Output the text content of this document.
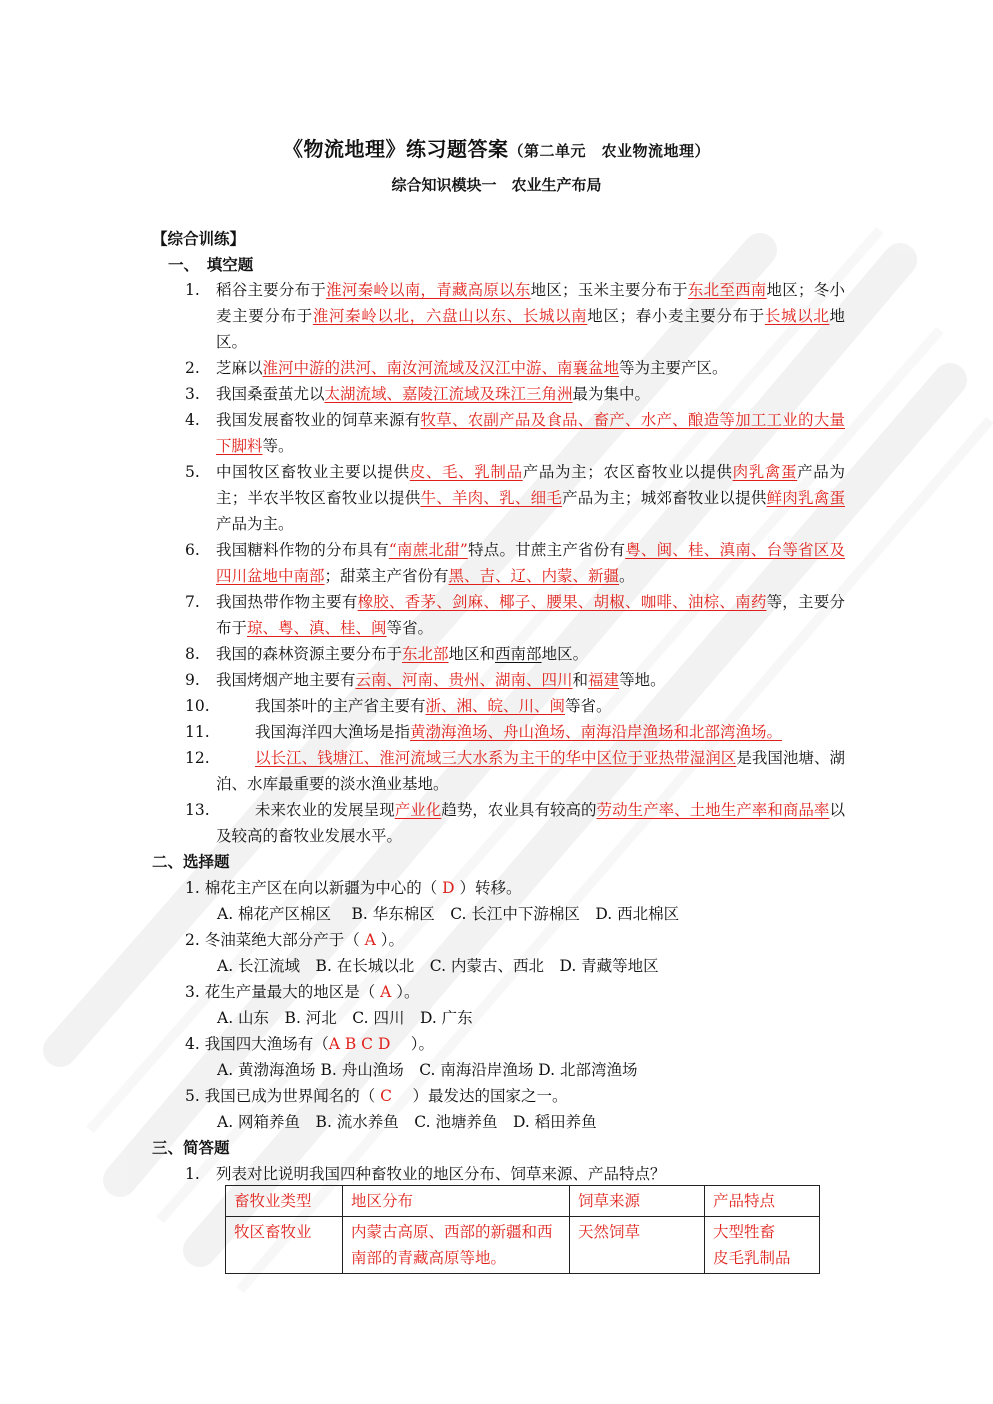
《物流地理》练习题答案（第二单元　农业物流地理）
综合知识模块一　农业生产布局
【综合训练】
一、　填空题
1. 稻谷主要分布于淮河秦岭以南，青藏高原以东地区；玉米主要分布于东北至西南地区；冬小麦主要分布于淮河秦岭以北，六盘山以东、长城以南地区；春小麦主要分布于长城以北地区。
2. 芝麻以淮河中游的洪河、南汝河流域及汉江中游、南襄盆地等为主要产区。
3. 我国桑蚕茧尤以太湖流域、嘉陵江流域及珠江三角洲最为集中。
4. 我国发展畜牧业的饲草来源有牧草、农副产品及食品、畜产、水产、酿造等加工工业的大量下脚料等。
5. 中国牧区畜牧业主要以提供皮、毛、乳制品产品为主；农区畜牧业以提供肉乳禽蛋产品为主；半农半牧区畜牧业以提供牛、羊肉、乳、细毛产品为主；城郊畜牧业以提供鲜肉乳禽蛋产品为主。
6. 我国糖料作物的分布具有“南蔗北甜”特点。甘蔗主产省份有粤、闽、桂、滇南、台等省区及四川盆地中南部；甜菜主产省份有黑、吉、辽、内蒙、新疆。
7. 我国热带作物主要有橡胶、香茅、剑麻、椰子、腰果、胡椒、咖啡、油棕、南药等，主要分布于琼、粤、滇、桂、闽等省。
8. 我国的森林资源主要分布于东北部地区和西南部地区。
9. 我国烤烟产地主要有云南、河南、贵州、湖南、四川和福建等地。
10.	我国茶叶的主产省主要有浙、湘、皖、川、闽等省。
11.	我国海洋四大渔场是指黄渤海渔场、舟山渔场、南海沿岸渔场和北部湾渔场。
12.	以长江、钱塘江、淮河流域三大水系为主干的华中区位于亚热带湿润区是我国池塘、湖泊、水库最重要的淡水渔业基地。
13.	未来农业的发展呈现产业化趋势，农业具有较高的劳动生产率、土地生产率和商品率以及较高的畜牧业发展水平。
二、选择题
1. 棉花主产区在向以新疆为中心的（ D ）转移。
A. 棉花产区棉区　 B. 华东棉区　C. 长江中下游棉区　D. 西北棉区
2. 冬油菜绝大部分产于（ A ）。
A. 长江流域　B. 在长城以北　C. 内蒙古、西北　D. 青藏等地区
3. 花生产量最大的地区是（ A ）。
A. 山东　B. 河北　C. 四川　D. 广东
4. 我国四大渔场有（A B C D　 ）。
A. 黄渤海渔场 B. 舟山渔场　C. 南海沿岸渔场 D. 北部湾渔场
5. 我国已成为世界闻名的（ C 　）最发达的国家之一。
A. 网箱养鱼　B. 流水养鱼　C. 池塘养鱼　D. 稻田养鱼
三、简答题
1. 列表对比说明我国四种畜牧业的地区分布、饲草来源、产品特点？
畜牧业类型	地区分布	饲草来源	产品特点
牧区畜牧业	内蒙古高原、西部的新疆和西南部的青藏高原等地。	天然饲草	大型牲畜
皮毛乳制品
